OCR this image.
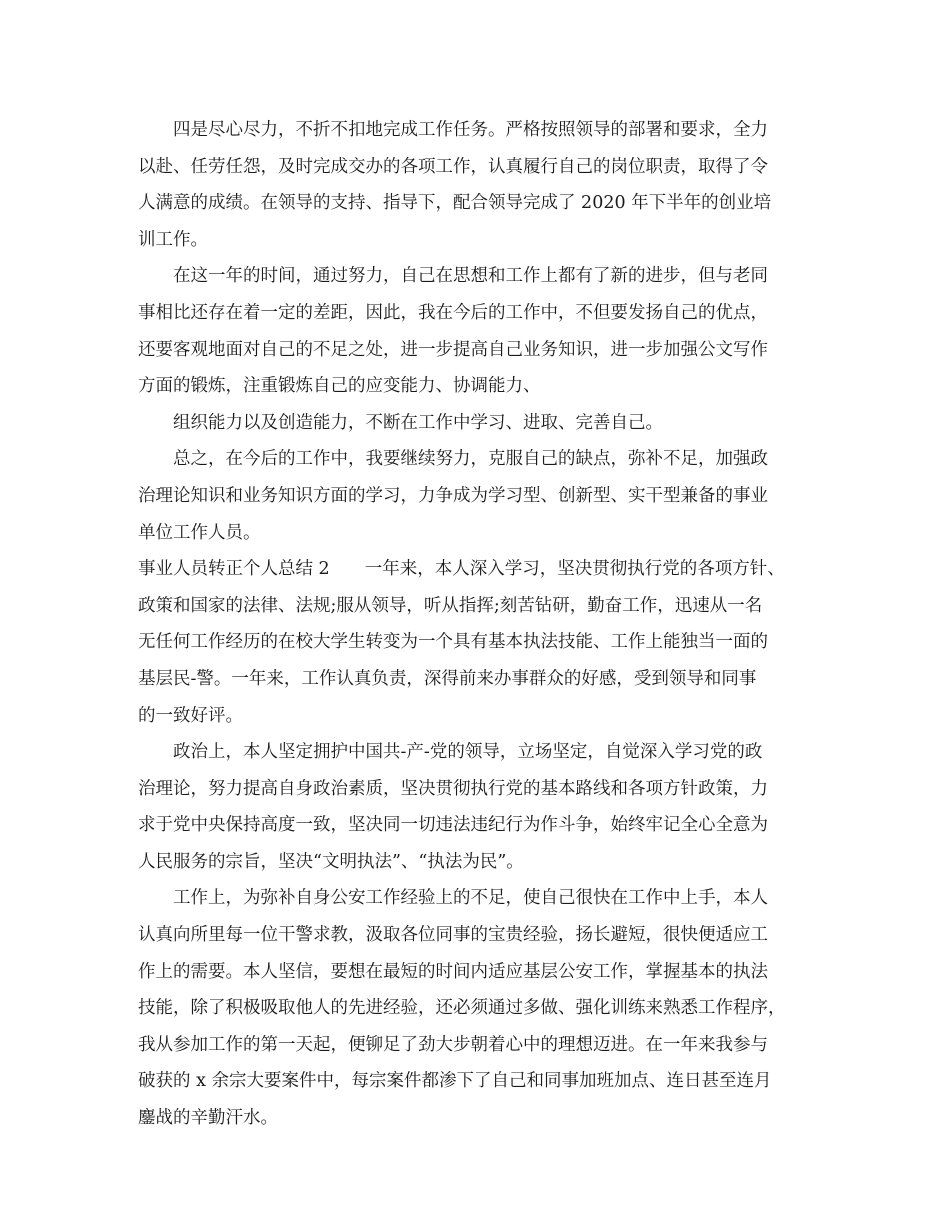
四是尽心尽力，不折不扣地完成工作任务。严格按照领导的部署和要求，全力
以赴、任劳任怨，及时完成交办的各项工作，认真履行自己的岗位职责，取得了令
人满意的成绩。在领导的支持、指导下，配合领导完成了 2020 年下半年的创业培
训工作。
在这一年的时间，通过努力，自己在思想和工作上都有了新的进步，但与老同
事相比还存在着一定的差距，因此，我在今后的工作中，不但要发扬自己的优点，
还要客观地面对自己的不足之处，进一步提高自己业务知识，进一步加强公文写作
方面的锻炼，注重锻炼自己的应变能力、协调能力、
组织能力以及创造能力，不断在工作中学习、进取、完善自己。
总之，在今后的工作中，我要继续努力，克服自己的缺点，弥补不足，加强政
治理论知识和业务知识方面的学习，力争成为学习型、创新型、实干型兼备的事业
单位工作人员。
事业人员转正个人总结 2　　一年来，本人深入学习，坚决贯彻执行党的各项方针、
政策和国家的法律、法规;服从领导，听从指挥;刻苦钻研，勤奋工作，迅速从一名
无任何工作经历的在校大学生转变为一个具有基本执法技能、工作上能独当一面的
基层民-警。一年来，工作认真负责，深得前来办事群众的好感，受到领导和同事
的一致好评。
政治上，本人坚定拥护中国共-产-党的领导，立场坚定，自觉深入学习党的政
治理论，努力提高自身政治素质，坚决贯彻执行党的基本路线和各项方针政策，力
求于党中央保持高度一致，坚决同一切违法违纪行为作斗争，始终牢记全心全意为
人民服务的宗旨，坚决“文明执法”、“执法为民”。
工作上，为弥补自身公安工作经验上的不足，使自己很快在工作中上手，本人
认真向所里每一位干警求教，汲取各位同事的宝贵经验，扬长避短，很快便适应工
作上的需要。本人坚信，要想在最短的时间内适应基层公安工作，掌握基本的执法
技能，除了积极吸取他人的先进经验，还必须通过多做、强化训练来熟悉工作程序，
我从参加工作的第一天起，便铆足了劲大步朝着心中的理想迈进。在一年来我参与
破获的 x 余宗大要案件中，每宗案件都渗下了自己和同事加班加点、连日甚至连月
鏖战的辛勤汗水。
